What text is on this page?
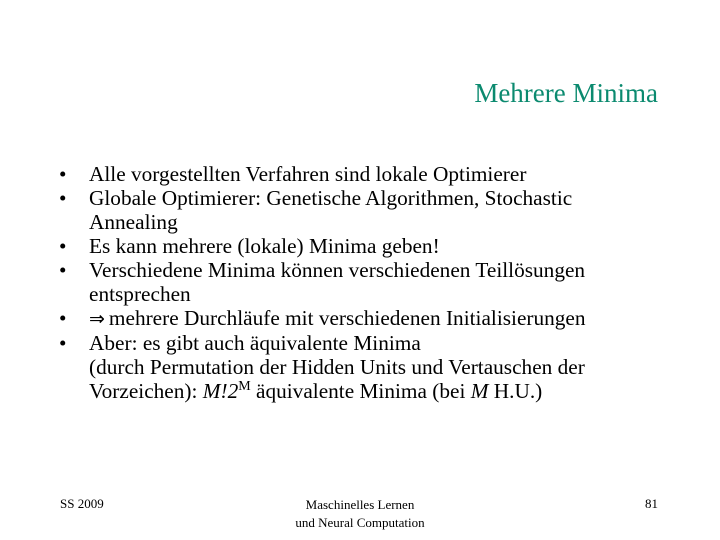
Mehrere Minima
•	Alle vorgestellten Verfahren sind lokale Optimierer
•	Globale Optimierer: Genetische Algorithmen, Stochastic
Annealing
•	Es kann mehrere (lokale) Minima geben!
•	Verschiedene Minima können verschiedenen Teillösungen
entsprechen
•	⇒ mehrere Durchläufe mit verschiedenen Initialisierungen
•	Aber: es gibt auch äquivalente Minima
(durch Permutation der Hidden Units und Vertauschen der
Vorzeichen): $M!2^M$ äquivalente Minima (bei M H.U.)
SS 2009	Maschinelles Lernen
und Neural Computation
81
